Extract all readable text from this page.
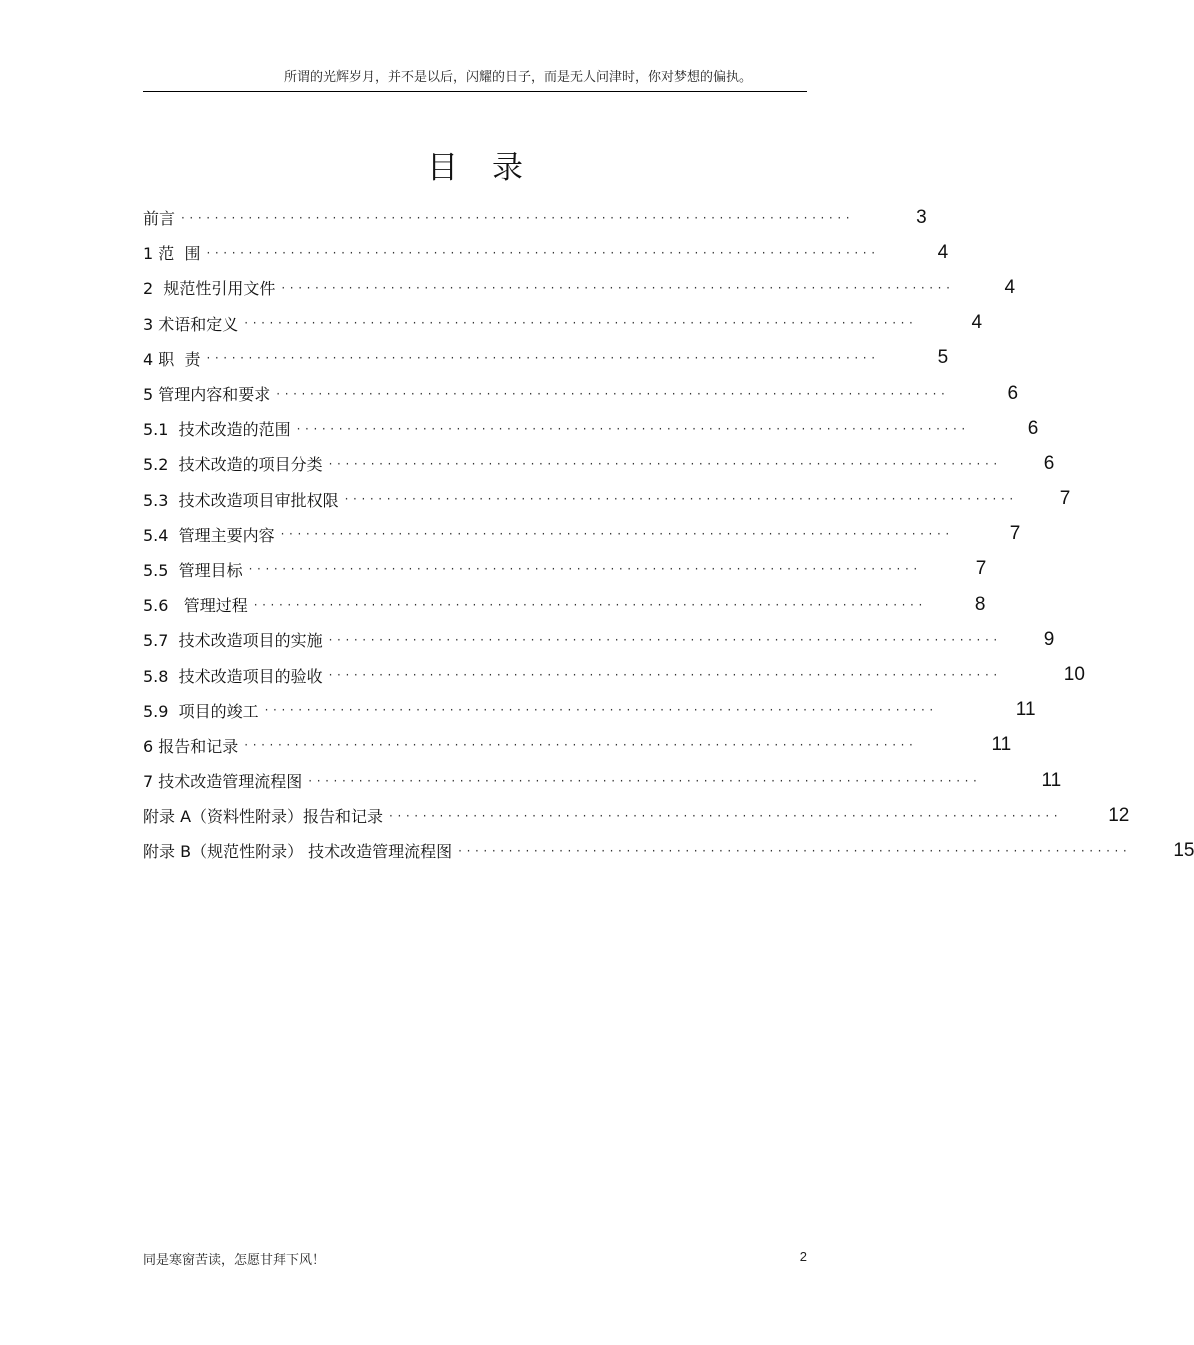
所谓的光辉岁月，并不是以后，闪耀的日子，而是无人问津时，你对梦想的偏执。
目录
前言 ················································································	3
1 范  围 ················································································	4
2  规范性引用文件 ················································································	4
3 术语和定义 ················································································	4
4 职  责 ················································································	5
5 管理内容和要求 ················································································	6
5.1  技术改造的范围 ················································································	6
5.2  技术改造的项目分类 ················································································ 6
5.3  技术改造项目审批权限 ················································································ 7
5.4  管理主要内容 ················································································	7
5.5  管理目标 ················································································	7
5.6   管理过程 ················································································	8
5.7  技术改造项目的实施 ················································································ 9
5.8  技术改造项目的验收 ················································································	10
5.9  项目的竣工 ················································································	11
6 报告和记录 ················································································	11
7 技术改造管理流程图 ················································································	11
附录 A（资料性附录）报告和记录 ················································································ 12
附录 B（规范性附录） 技术改造管理流程图 ················································································ 15
同是寒窗苦读，怎愿甘拜下风！	2
